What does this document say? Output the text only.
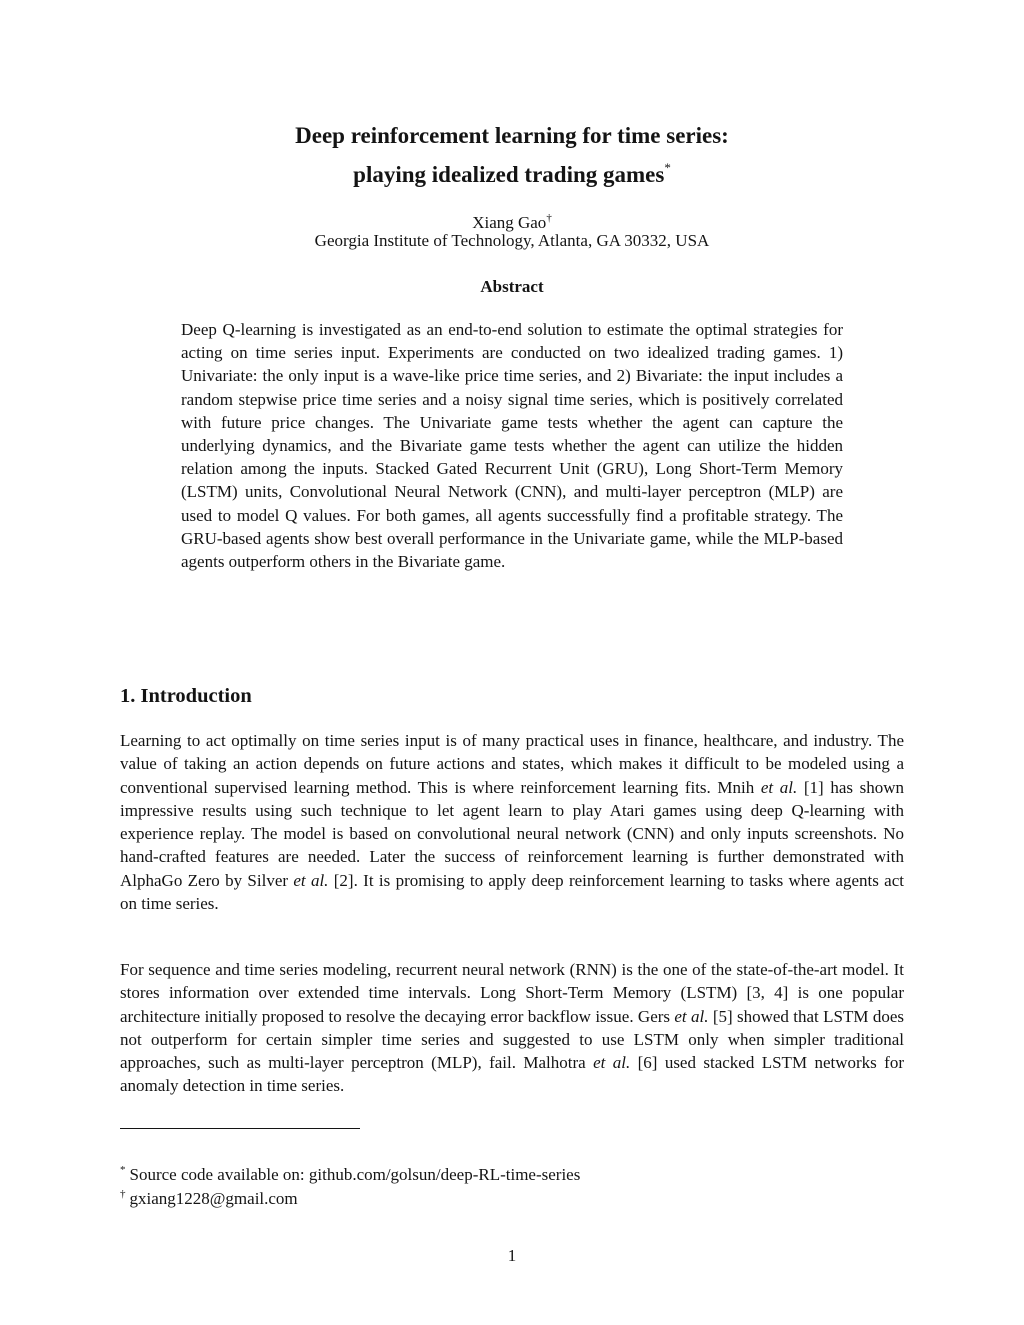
Deep reinforcement learning for time series:
playing idealized trading games*
Xiang Gao†
Georgia Institute of Technology, Atlanta, GA 30332, USA
Abstract

Deep Q-learning is investigated as an end-to-end solution to estimate the optimal strategies for acting on time series input. Experiments are conducted on two idealized trading games. 1) Univariate: the only input is a wave-like price time series, and 2) Bivariate: the input includes a random stepwise price time series and a noisy signal time series, which is positively correlated with future price changes. The Univariate game tests whether the agent can capture the underlying dynamics, and the Bivariate game tests whether the agent can utilize the hidden relation among the inputs. Stacked Gated Recurrent Unit (GRU), Long Short-Term Memory (LSTM) units, Convolutional Neural Network (CNN), and multi-layer perceptron (MLP) are used to model Q values. For both games, all agents successfully find a profitable strategy. The GRU-based agents show best overall performance in the Univariate game, while the MLP-based agents outperform others in the Bivariate game.

1. Introduction

Learning to act optimally on time series input is of many practical uses in finance, healthcare, and industry. The value of taking an action depends on future actions and states, which makes it difficult to be modeled using a conventional supervised learning method. This is where reinforcement learning fits. Mnih et al. [1] has shown impressive results using such technique to let agent learn to play Atari games using deep Q-learning with experience replay. The model is based on convolutional neural network (CNN) and only inputs screenshots. No hand-crafted features are needed. Later the success of reinforcement learning is further demonstrated with AlphaGo Zero by Silver et al. [2]. It is promising to apply deep reinforcement learning to tasks where agents act on time series.

For sequence and time series modeling, recurrent neural network (RNN) is the one of the state-of-the-art model. It stores information over extended time intervals. Long Short-Term Memory (LSTM) [3, 4] is one popular architecture initially proposed to resolve the decaying error backflow issue. Gers et al. [5] showed that LSTM does not outperform for certain simpler time series and suggested to use LSTM only when simpler traditional approaches, such as multi-layer perceptron (MLP), fail. Malhotra et al. [6] used stacked LSTM networks for anomaly detection in time series.

* Source code available on: github.com/golsun/deep-RL-time-series
† gxiang1228@gmail.com
1
